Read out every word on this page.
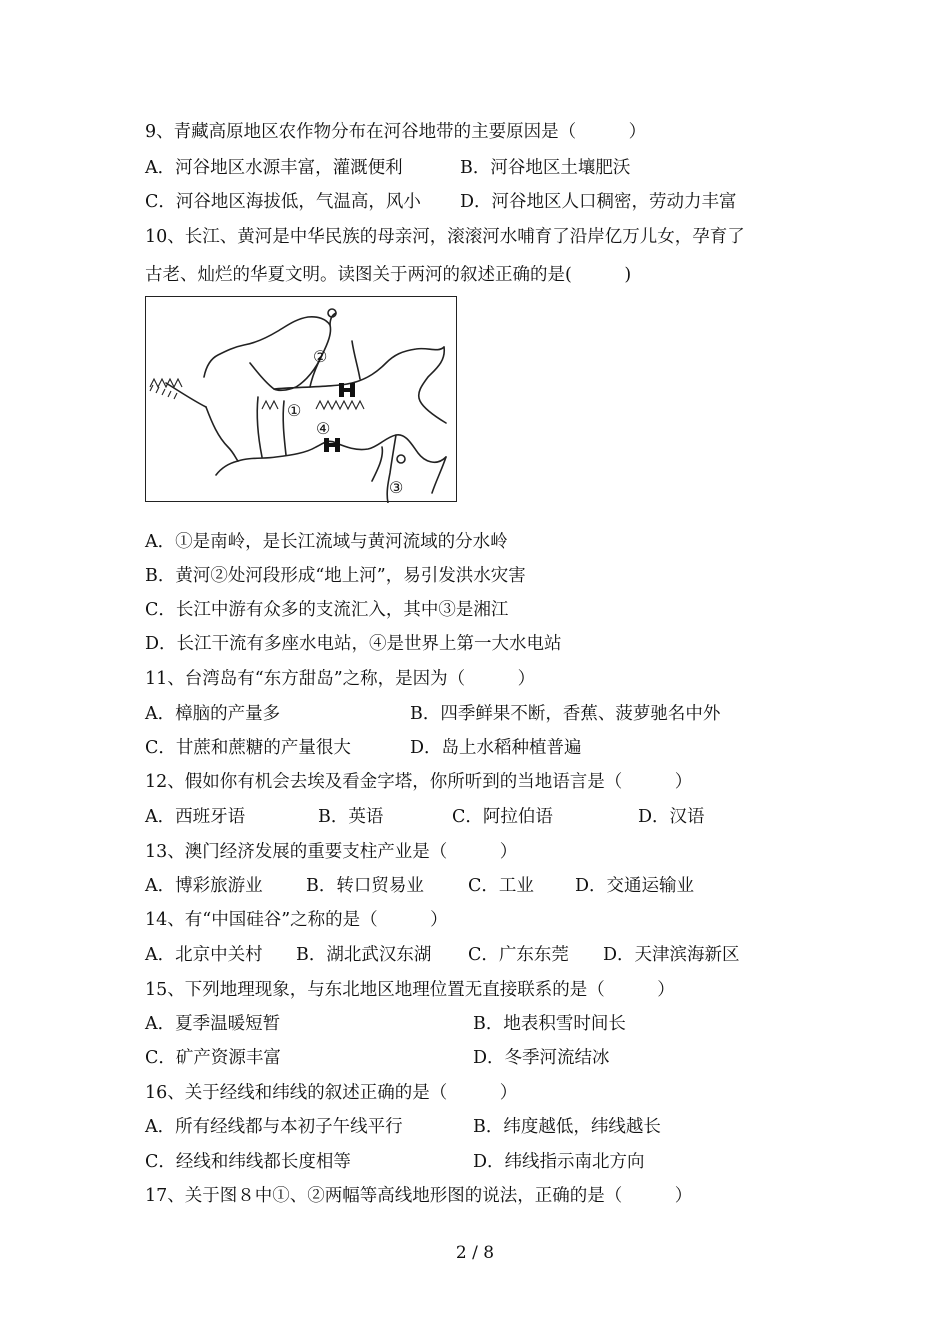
9、青藏高原地区农作物分布在河谷地带的主要原因是（　　　）
A．河谷地区水源丰富，灌溉便利	B．河谷地区土壤肥沃
C．河谷地区海拔低，气温高，风小 D．河谷地区人口稠密，劳动力丰富
10、长江、黄河是中华民族的母亲河，滚滚河水哺育了沿岸亿万儿女，孕育了
古老、灿烂的华夏文明。读图关于两河的叙述正确的是(　　　)
②
①
④
③
A．①是南岭，是长江流域与黄河流域的分水岭
B．黄河②处河段形成“地上河”，易引发洪水灾害
C．长江中游有众多的支流汇入，其中③是湘江
D．长江干流有多座水电站，④是世界上第一大水电站
11、台湾岛有“东方甜岛”之称，是因为（　　　）
A．樟脑的产量多	B．四季鲜果不断，香蕉、菠萝驰名中外
C．甘蔗和蔗糖的产量很大	D．岛上水稻种植普遍
12、假如你有机会去埃及看金字塔，你所听到的当地语言是（　　　）
A．西班牙语	B．英语	C．阿拉伯语	D．汉语
13、澳门经济发展的重要支柱产业是（　　　）
A．博彩旅游业 B．转口贸易业	C．工业 D．交通运输业
14、有“中国硅谷”之称的是（　　　）
A．北京中关村 B．湖北武汉东湖 C．广东东莞 D．天津滨海新区
15、下列地理现象，与东北地区地理位置无直接联系的是（　　　）
A．夏季温暖短暂	B．地表积雪时间长
C．矿产资源丰富	D．冬季河流结冰
16、关于经线和纬线的叙述正确的是（　　　）
A．所有经线都与本初子午线平行	B．纬度越低，纬线越长
C．经线和纬线都长度相等	D．纬线指示南北方向
17、关于图８中①、②两幅等高线地形图的说法，正确的是（　　　）
2 / 8
